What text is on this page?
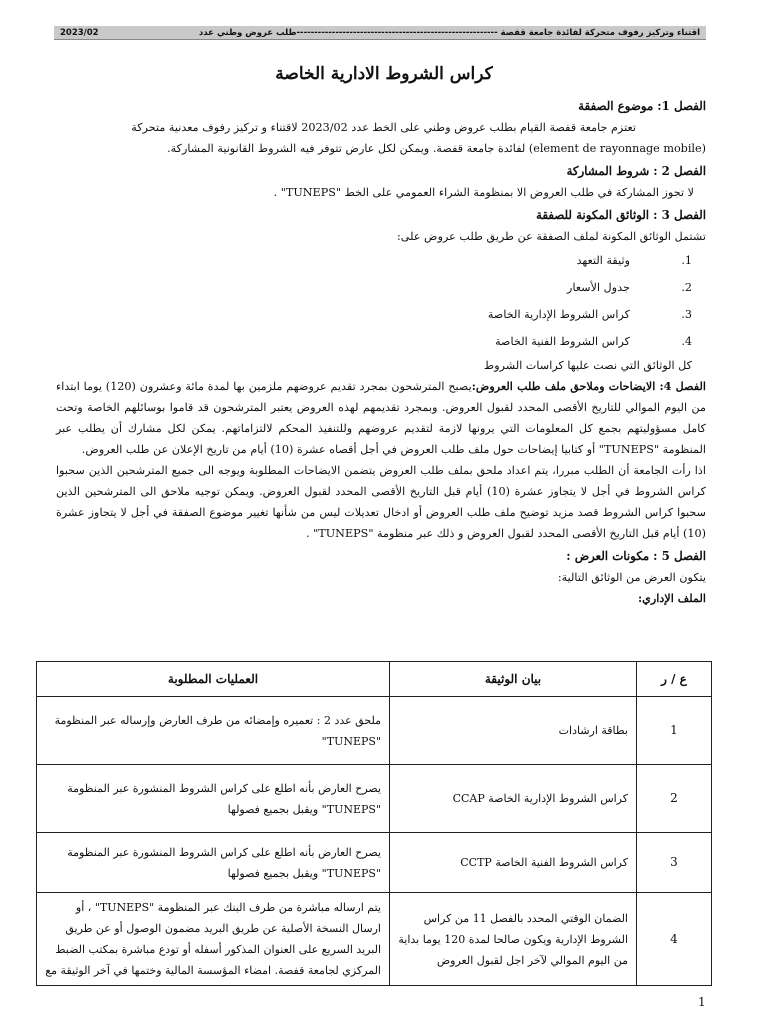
اقتناء وتركيز رفوف متحركة لفائدة جامعة قفصة ---------------------------------------------------------طلب عروض وطني عدد
2023/02
كراس الشروط الادارية الخاصة
الفصل 1: موضوع الصفقة
تعتزم جامعة قفصة القيام بطلب عروض وطني على الخط عدد 2023/02 لاقتناء و تركيز رفوف معدنية متحركة
(element de rayonnage mobile) لفائدة جامعة قفصة. ويمكن لكل عارض تتوفر فيه الشروط القانونية المشاركة.
الفصل 2 : شروط المشاركة
لا تجوز المشاركة في طلب العروض الا بمنظومة الشراء العمومي على الخط "TUNEPS" .
الفصل 3 : الوثائق المكونة للصفقة
تشتمل الوثائق المكونة لملف الصفقة عن طريق طلب عروض على:
1.وثيقة التعهد
2.جدول الأسعار
3.كراس الشروط الإدارية الخاصة
4.كراس الشروط الفنية الخاصة
كل الوثائق التي نصت عليها كراسات الشروط
الفصل 4: الايضاحات وملاحق ملف طلب العروض:يصبح المترشحون بمجرد تقديم عروضهم ملزمين بها لمدة مائة وعشرون (120) يوما ابتداء من اليوم الموالي للتاريخ الأقصى المحدد لقبول العروض. وبمجرد تقديمهم لهذه العروض يعتبر المترشحون قد قاموا بوسائلهم الخاصة وتحت كامل مسؤوليتهم بجمع كل المعلومات التي يرونها لازمة لتقديم عروضهم وللتنفيذ المحكم لالتزاماتهم. يمكن لكل مشارك أن يطلب عبر المنظومة "TUNEPS" أو كتابيا إيضاحات حول ملف طلب العروض في أجل أقصاه عشرة (10) أيام من تاريخ الإعلان عن طلب العروض.
اذا رأت الجامعة أن الطلب مبررا، يتم اعداد ملحق بملف طلب العروض يتضمن الايضاحات المطلوبة ويوجه الى جميع المترشحين الذين سحبوا كراس الشروط في أجل لا يتجاوز عشرة (10) أيام قبل التاريخ الأقصى المحدد لقبول العروض. ويمكن توجيه ملاحق الى المترشحين الذين سحبوا كراس الشروط قصد مزيد توضيح ملف طلب العروض أو ادخال تعديلات ليس من شأنها تغيير موضوع الصفقة في أجل لا يتجاوز عشرة (10) أيام قبل التاريخ الأقصى المحدد لقبول العروض و ذلك عبر منظومة "TUNEPS" .
الفصل 5 : مكونات العرض :
يتكون العرض من الوثائق التالية:
الملف الإداري:
ع / ر	بيان الوثيقة	العمليات المطلوبة
1	بطاقة ارشادات	ملحق عدد 2 : تعميره وإمضائه من طرف العارض وإرساله عبر المنظومة "TUNEPS"
2	كراس الشروط الإدارية الخاصة CCAP	يصرح العارض بأنه اطلع على كراس الشروط المنشورة عبر المنظومة "TUNEPS" ويقبل بجميع فصولها
3	كراس الشروط الفنية الخاصة CCTP	يصرح العارض بأنه اطلع على كراس الشروط المنشورة عبر المنظومة "TUNEPS" ويقبل بجميع فصولها
4	الضمان الوقتي المحدد بالفصل 11 من كراس الشروط الإدارية ويكون صالحا لمدة 120 يوما بداية من اليوم الموالي لآخر اجل لقبول العروض	يتم ارساله مباشرة من طرف البنك عبر المنظومة "TUNEPS" ، أو ارسال النسخة الأصلية عن طريق البريد مضمون الوصول أو عن طريق البريد السريع على العنوان المذكور أسفله أو تودع مباشرة بمكتب الضبط المركزي لجامعة قفصة. امضاء المؤسسة المالية وختمها في آخر الوثيقة مع
1
